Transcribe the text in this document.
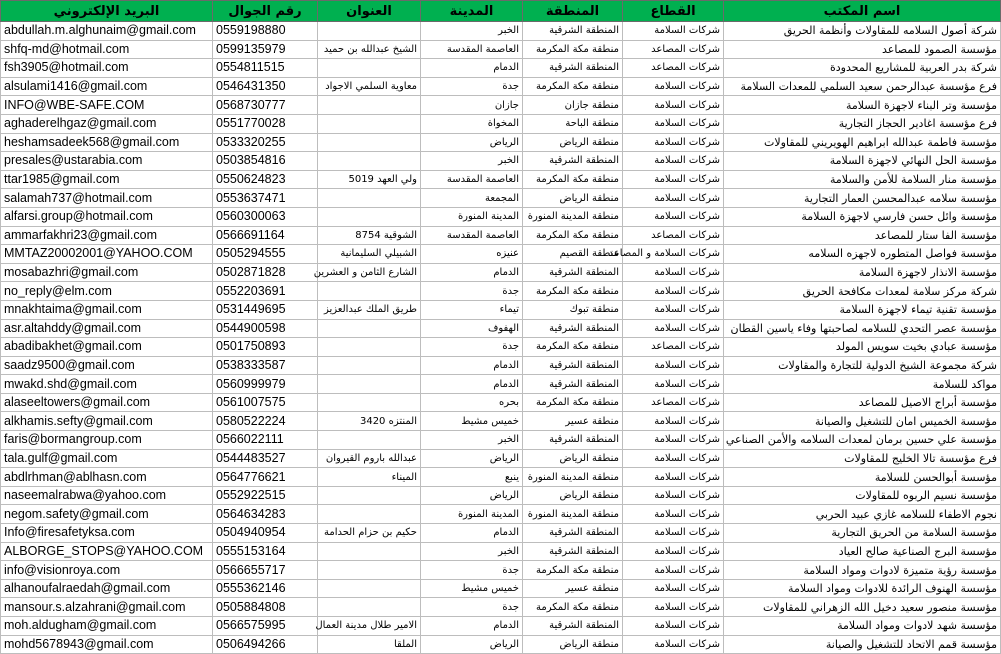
البريد الإلكتروني	رقم الجوال	العنوان	المدينة	المنطقة	القطاع	اسم المكتب
abdullah.m.alghunaim@gmail.com	0559198880		الخبر	المنطقة الشرقية	شركات السلامة	شركة أصول السلامه للمقاولات وأنظمة الحريق
shfq-md@hotmail.com	0599135979	الشيخ عبدالله بن حميد	العاصمة المقدسة	منطقة مكة المكرمة	شركات المصاعد	مؤسسة الصمود للمصاعد
fsh3905@hotmail.com	0554811515		الدمام	المنطقة الشرقية	شركات المصاعد	شركة بدر العربية للمشاريع المحدودة
alsulami1416@gmail.com	0546431350	معاوية السلمي الاجواد	جدة	منطقة مكة المكرمة	شركات السلامة	فرع مؤسسة عبدالرحمن سعيد السلمي للمعدات السلامة
INFO@WBE-SAFE.COM	0568730777		جازان	منطقة جازان	شركات السلامة	مؤسسة وتر البناء لاجهزة السلامة
aghaderelhgaz@gmail.com	0551770028		المخواة	منطقة الباحة	شركات السلامة	فرع مؤسسة اغادير الحجاز التجارية
heshamsadeek568@gmail.com	0533320255		الرياض	منطقة الرياض	شركات السلامة	مؤسسة فاطمة عبدالله ابراهيم الهويريني للمقاولات
presales@ustarabia.com	0503854816		الخبر	المنطقة الشرقية	شركات السلامة	مؤسسة الحل النهائي لاجهزة السلامة
ttar1985@gmail.com	0550624823	ولي العهد 5019	العاصمة المقدسة	منطقة مكة المكرمة	شركات السلامة	مؤسسة منار السلامة للأمن والسلامة
salamah737@hotmail.com	0553637471		المجمعة	منطقة الرياض	شركات السلامة	مؤسسة سلامه عبدالمحسن العمار التجارية
alfarsi.group@hotmail.com	0560300063		المدينة المنورة	منطقة المدينة المنورة	شركات السلامة	مؤسسة وائل حسن فارسي لاجهزة السلامة
ammarfakhri23@gmail.com	0566691164	الشوقية 8754	العاصمة المقدسة	منطقة مكة المكرمة	شركات المصاعد	مؤسسة الفا ستار للمصاعد
MMTAZ20002001@YAHOO.COM	0505294555	الشبيلي السليمانية	عنيزه	منطقة القصيم	شركات السلامة و المصاعد	مؤسسة فواصل المتطوره لاجهزه السلامه
mosabazhri@gmail.com	0502871828	الشارع الثامن و العشرين	الدمام	المنطقة الشرقية	شركات السلامة	مؤسسة الانذار لاجهزة السلامة
no_reply@elm.com	0552203691		جدة	منطقة مكة المكرمة	شركات السلامة	شركة مركز سلامة لمعدات مكافحة الحريق
mnakhtaima@gmail.com	0531449695	طريق الملك عبدالعزيز	تيماء	منطقة تبوك	شركات السلامة	مؤسسة تقنية تيماء لاجهزة السلامة
asr.altahddy@gmail.com	0544900598		الهفوف	المنطقة الشرقية	شركات السلامة	مؤسسة عصر التحدي للسلامه لصاحبتها وفاء ياسين القطان
abadibakhet@gmail.com	0501750893		جدة	منطقة مكة المكرمة	شركات المصاعد	مؤسسة عبادي بخيت سويس المولد
saadz9500@gmail.com	0538333587		الدمام	المنطقة الشرقية	شركات السلامة	شركة مجموعة الشيخ الدولية للتجارة والمقاولات
mwakd.shd@gmail.com	0560999979		الدمام	المنطقة الشرقية	شركات السلامة	مواكد للسلامة
alaseeltowers@gmail.com	0561007575		بحره	منطقة مكة المكرمة	شركات المصاعد	مؤسسة أبراج الاصيل للمصاعد
alkhamis.sefty@gmail.com	0580522224	المنتزه 3420	خميس مشيط	منطقة عسير	شركات السلامة	مؤسسة الخميس امان للتشغيل والصيانة
faris@bormangroup.com	0566022111		الخبر	المنطقة الشرقية	شركات السلامة	مؤسسة علي حسين برمان لمعدات السلامه والأمن الصناعي
tala.gulf@gmail.com	0544483527	عبدالله باروم القيروان	الرياض	منطقة الرياض	شركات السلامة	فرع مؤسسة تالا الخليج للمقاولات
abdlrhman@ablhasn.com	0564776621	الميناء	ينبع	منطقة المدينة المنورة	شركات السلامة	مؤسسة أبوالحسن للسلامة
naseemalrabwa@yahoo.com	0552922515		الرياض	منطقة الرياض	شركات السلامة	مؤسسة نسيم الربوه للمقاولات
negom.safety@gmail.com	0564634283		المدينة المنورة	منطقة المدينة المنورة	شركات السلامة	نجوم الاطفاء للسلامه غازي عبيد الحربي
Info@firesafetyksa.com	0504940954	حكيم بن حزام الحدامة	الدمام	المنطقة الشرقية	شركات السلامة	مؤسسة السلامة من الحريق التجارية
ALBORGE_STOPS@YAHOO.COM	0555153164		الخبر	المنطقة الشرقية	شركات السلامة	مؤسسة البرج الصناعية صالح العياد
info@visionroya.com	0566655717		جدة	منطقة مكة المكرمة	شركات السلامة	مؤسسة رؤية متميزة لادوات ومواد السلامة
alhanoufalraedah@gmail.com	0555362146		خميس مشيط	منطقة عسير	شركات السلامة	مؤسسة الهنوف الرائدة للادوات ومواد السلامة
mansour.s.alzahrani@gmail.com	0505884808		جدة	منطقة مكة المكرمة	شركات السلامة	مؤسسة منصور سعيد دخيل الله الزهراني للمقاولات
moh.aldugham@gmail.com	0566575995	الامير طلال مدينة العمال	الدمام	المنطقة الشرقية	شركات السلامة	مؤسسة شهد لادوات ومواد السلامة
mohd5678943@gmail.com	0506494266	الملقا	الرياض	منطقة الرياض	شركات السلامة	مؤسسة قمم الاتحاد للتشغيل والصيانة
